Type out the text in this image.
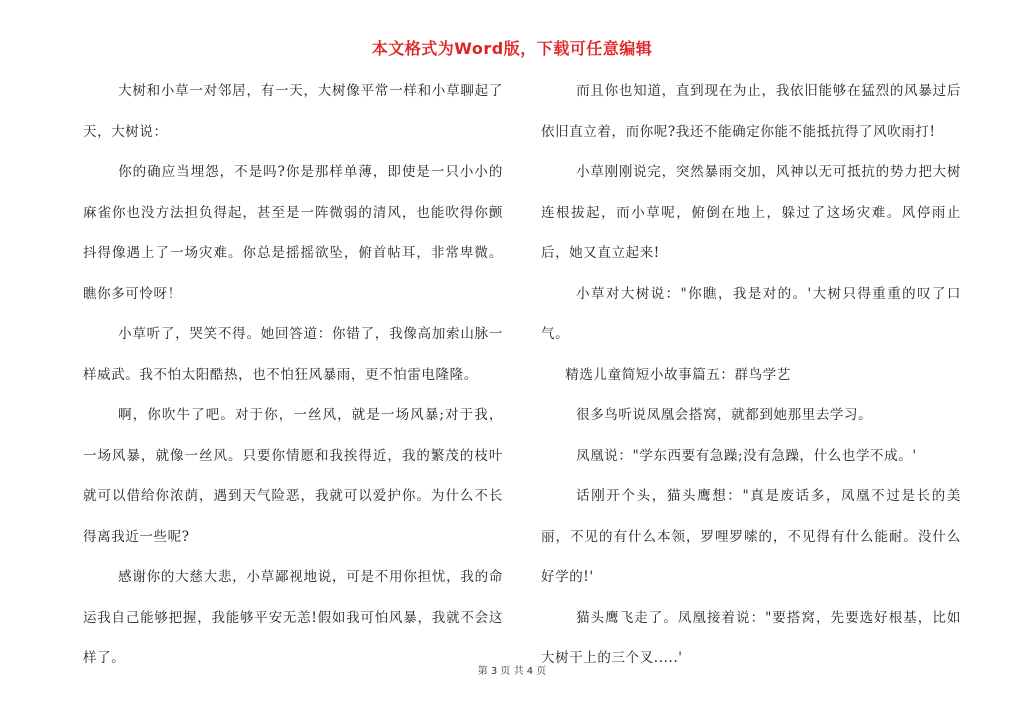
本文格式为Word版，下载可任意编辑

大树和小草一对邻居，有一天，大树像平常一样和小草聊起了天，大树说：

你的确应当埋怨，不是吗?你是那样单薄，即使是一只小小的麻雀你也没方法担负得起，甚至是一阵微弱的清风，也能吹得你颤抖得像遇上了一场灾难。你总是摇摇欲坠，俯首帖耳，非常卑微。瞧你多可怜呀！

小草听了，哭笑不得。她回答道：你错了，我像高加索山脉一样威武。我不怕太阳酷热，也不怕狂风暴雨，更不怕雷电隆隆。

啊，你吹牛了吧。对于你，一丝风，就是一场风暴;对于我，一场风暴，就像一丝风。只要你情愿和我挨得近，我的繁茂的枝叶就可以借给你浓荫，遇到天气险恶，我就可以爱护你。为什么不长得离我近一些呢?

感谢你的大慈大悲，小草鄙视地说，可是不用你担忧，我的命运我自己能够把握，我能够平安无恙!假如我可怕风暴，我就不会这样了。

而且你也知道，直到现在为止，我依旧能够在猛烈的风暴过后依旧直立着，而你呢?我还不能确定你能不能抵抗得了风吹雨打!

小草刚刚说完，突然暴雨交加，风神以无可抵抗的势力把大树连根拔起，而小草呢，俯倒在地上，躲过了这场灾难。风停雨止后，她又直立起来!

小草对大树说："你瞧，我是对的。'大树只得重重的叹了口气。

精选儿童简短小故事篇五：群鸟学艺

很多鸟听说凤凰会搭窝，就都到她那里去学习。

凤凰说："学东西要有急躁;没有急躁，什么也学不成。'

话刚开个头，猫头鹰想："真是废话多，凤凰不过是长的美丽，不见的有什么本领，罗哩罗嗦的，不见得有什么能耐。没什么好学的!'

猫头鹰飞走了。凤凰接着说："要搭窝，先要选好根基，比如大树干上的三个叉.....'

第 3 页 共 4 页
